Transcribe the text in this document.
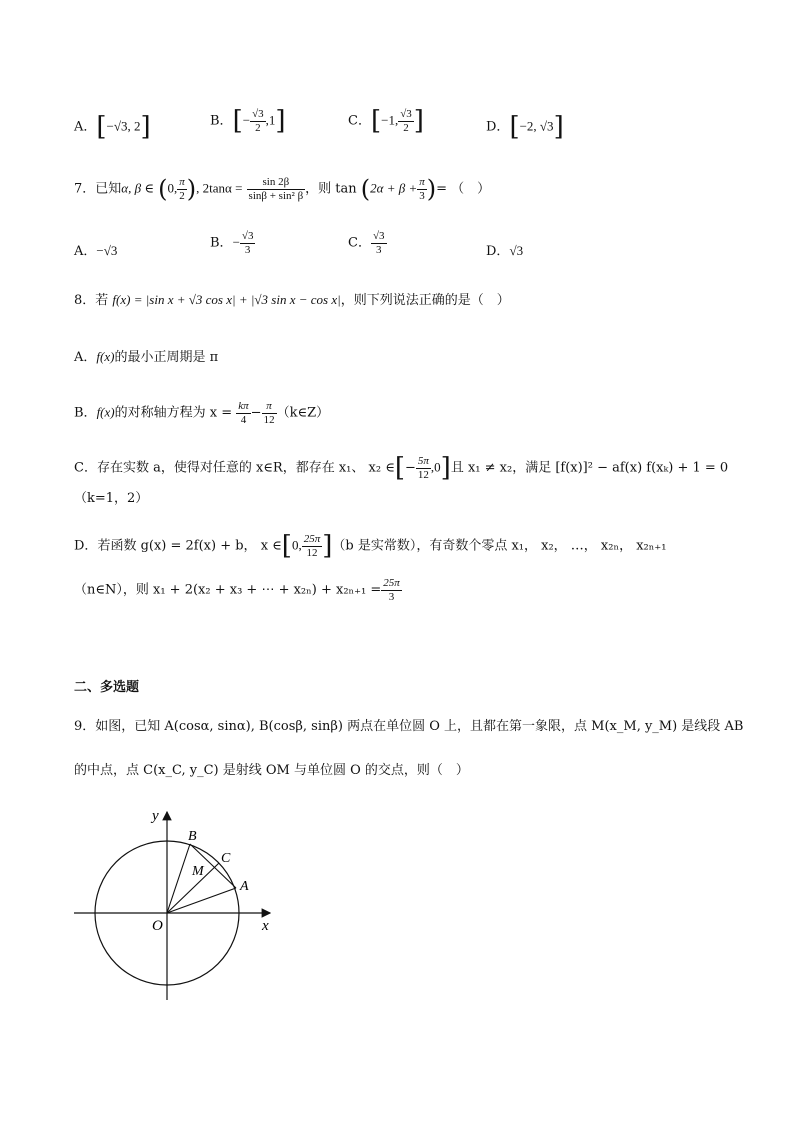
A．[−√3, 2]	B．[− $\frac{√3}{2} ,1$]	C．[−1, $\frac{√3}{2}$ ]	D．[−2, √3]
7．已知α, β ∈ (0, $\frac{\pi}{2}$ ), $2\tan\alpha = \frac{\sin 2\beta}{\text{sinβ + sin² β}}$ ，则 $\tan (2\alpha + \beta + \frac{\pi}{3}$ )= （　）
A．−√3	B．− $\frac{√3}{3}$	C． $\frac{√3}{3}$	D．√3
8．若 f(x) = |sin x + √3 cos x| + |√3 sin x − cos x|，则下列说法正确的是（　）
A．f(x)的最小正周期是 π
B．f(x)的对称轴方程为 $x = \frac{k\pi}{4} - \frac{\pi}{12}$ （k∈Z）
C．存在实数 a，使得对任意的 x∈R，都存在 x₁、 x₂ ∈[− $\frac{5\pi}{12} ,0$]且 x₁ ≠ x₂，满足 [f(x)]² − af(x) f(xₖ) + 1 = 0
（k=1，2）
D．若函数 g(x) = 2f(x) + b， x ∈[0, $\frac{25\pi}{12} ](b$ 是实常数），有奇数个零点 x₁， x₂， …， x₂ₙ， x₂ₙ₊₁
（n∈N），则 x₁ + 2(x₂ + x₃ + ⋯ + $x_{2n}) + x_{2n+1} = \frac{25\pi}{3}$
二、多选题
9．如图，已知 A(cosα, sinα), B(cosβ, sinβ) 两点在单位圆 O 上，且都在第一象限，点 M(x_M, y_M) 是线段 AB
的中点，点 C(x_C, y_C) 是射线 OM 与单位圆 O 的交点，则（　）
y
x
O
B
A
C
M
